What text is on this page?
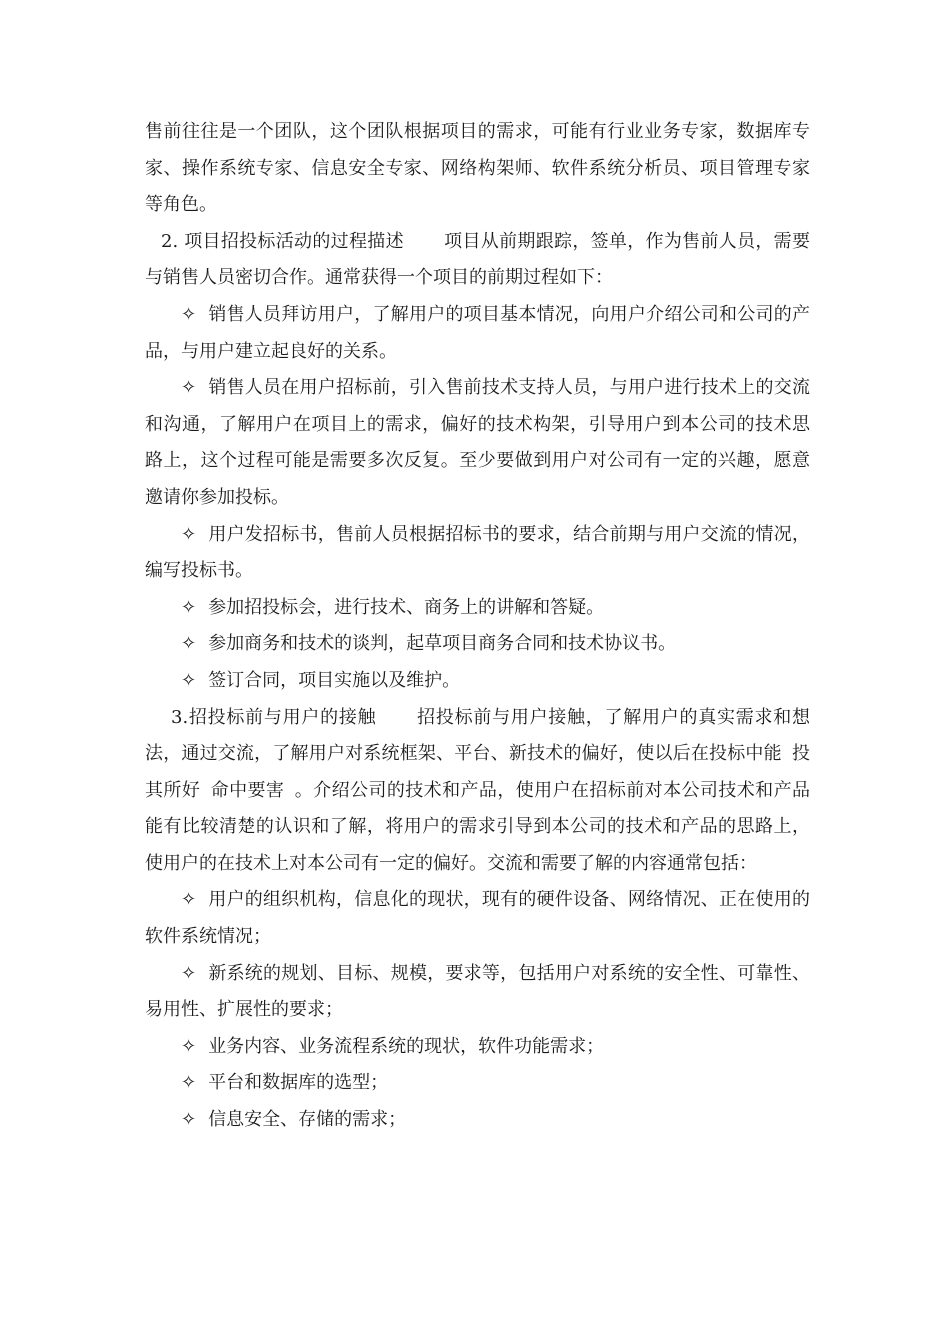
售前往往是一个团队，这个团队根据项目的需求，可能有行业业务专家，数据库专家、操作系统专家、信息安全专家、网络构架师、软件系统分析员、项目管理专家等角色。

2. 项目招投标活动的过程描述 项目从前期跟踪，签单，作为售前人员，需要与销售人员密切合作。通常获得一个项目的前期过程如下：

✧ 销售人员拜访用户，了解用户的项目基本情况，向用户介绍公司和公司的产品，与用户建立起良好的关系。

✧ 销售人员在用户招标前，引入售前技术支持人员，与用户进行技术上的交流和沟通，了解用户在项目上的需求，偏好的技术构架，引导用户到本公司的技术思路上，这个过程可能是需要多次反复。至少要做到用户对公司有一定的兴趣，愿意邀请你参加投标。

✧ 用户发招标书，售前人员根据招标书的要求，结合前期与用户交流的情况，编写投标书。

✧ 参加招投标会，进行技术、商务上的讲解和答疑。

✧ 参加商务和技术的谈判，起草项目商务合同和技术协议书。

✧ 签订合同，项目实施以及维护。

3.招投标前与用户的接触 招投标前与用户接触，了解用户的真实需求和想法，通过交流，了解用户对系统框架、平台、新技术的偏好，使以后在投标中能 投其所好 命中要害 。介绍公司的技术和产品，使用户在招标前对本公司技术和产品能有比较清楚的认识和了解，将用户的需求引导到本公司的技术和产品的思路上，使用户的在技术上对本公司有一定的偏好。交流和需要了解的内容通常包括：

✧ 用户的组织机构，信息化的现状，现有的硬件设备、网络情况、正在使用的软件系统情况；

✧ 新系统的规划、目标、规模，要求等，包括用户对系统的安全性、可靠性、易用性、扩展性的要求；

✧ 业务内容、业务流程系统的现状，软件功能需求；

✧ 平台和数据库的选型；

✧ 信息安全、存储的需求；
